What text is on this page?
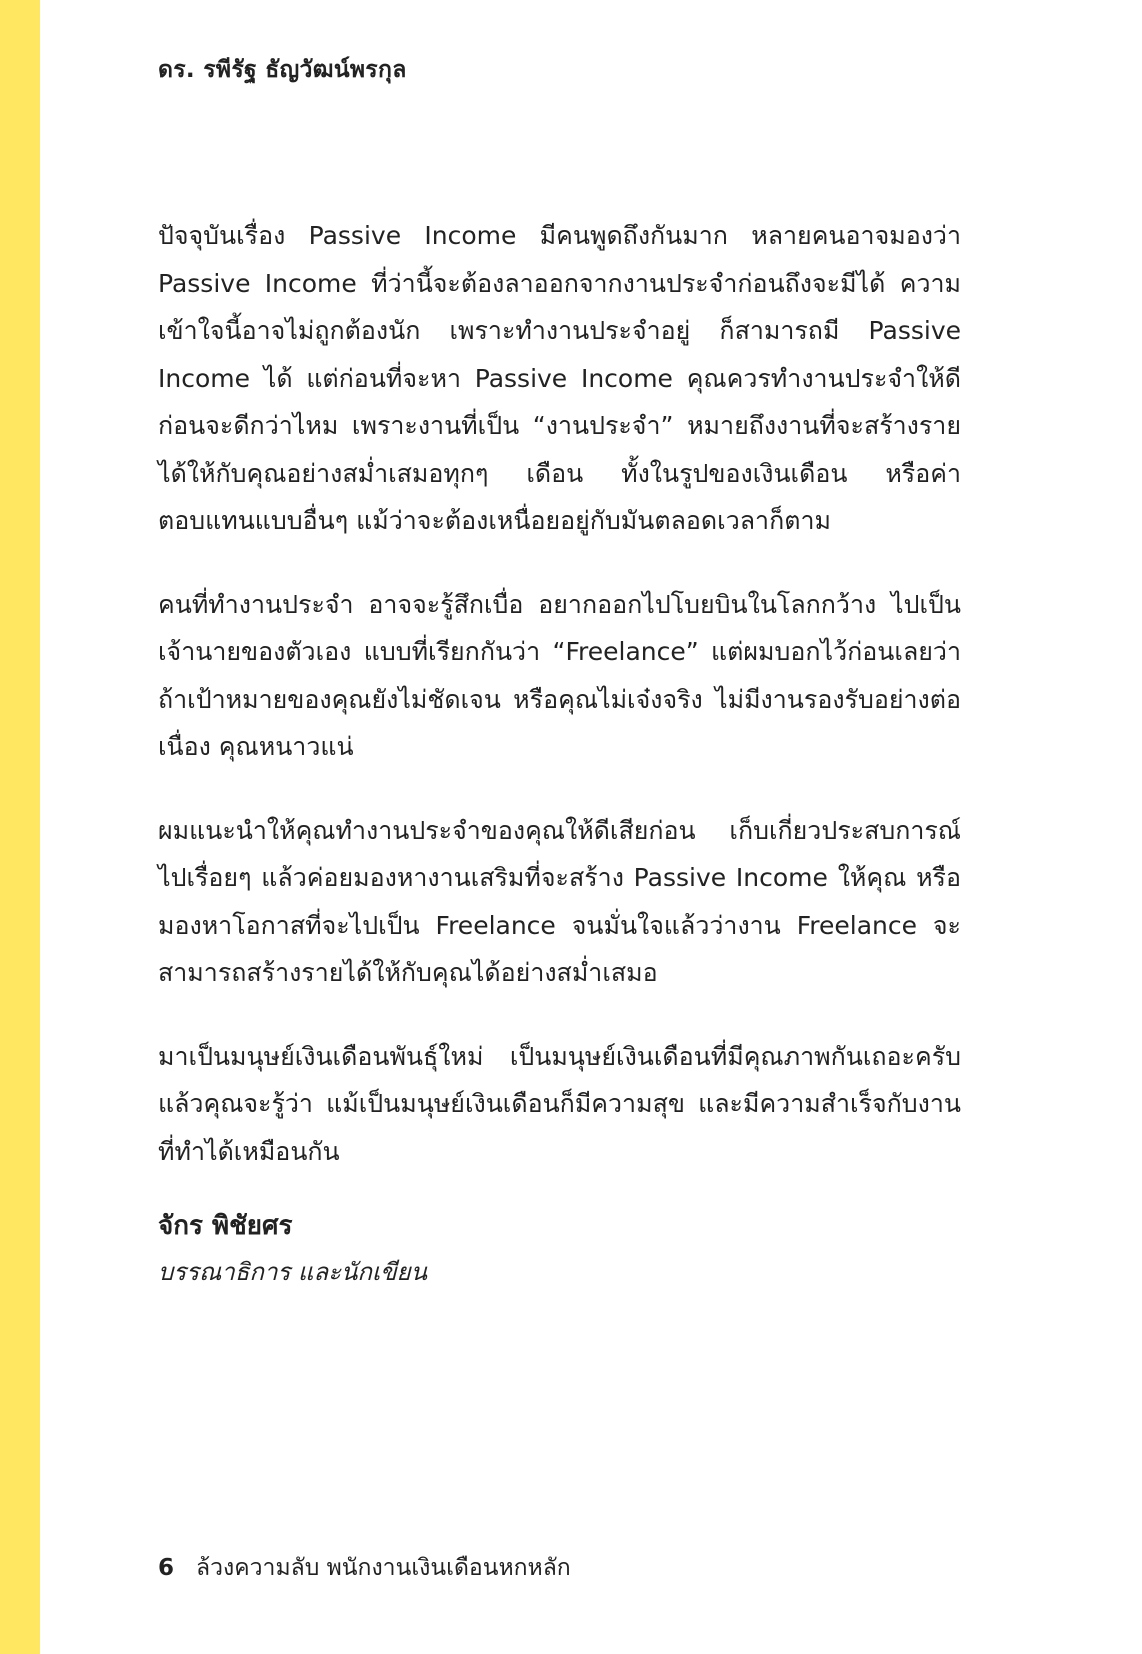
ดร. รพีรัฐ ธัญวัฒน์พรกุล

ปัจจุบันเรื่อง Passive Income มีคนพูดถึงกันมาก หลายคนอาจมองว่า Passive Income ที่ว่านี้จะต้องลาออกจากงานประจำก่อนถึงจะมีได้ ความเข้าใจนี้อาจไม่ถูกต้องนัก เพราะทำงานประจำอยู่ ก็สามารถมี Passive Income ได้ แต่ก่อนที่จะหา Passive Income คุณควรทำงานประจำให้ดีก่อนจะดีกว่าไหม เพราะงานที่เป็น “งานประจำ” หมายถึงงานที่จะสร้างรายได้ให้กับคุณอย่างสม่ำเสมอทุกๆ เดือน ทั้งในรูปของเงินเดือน หรือค่าตอบแทนแบบอื่นๆ แม้ว่าจะต้องเหนื่อยอยู่กับมันตลอดเวลาก็ตาม

คนที่ทำงานประจำ อาจจะรู้สึกเบื่อ อยากออกไปโบยบินในโลกกว้าง ไปเป็นเจ้านายของตัวเอง แบบที่เรียกกันว่า “Freelance” แต่ผมบอกไว้ก่อนเลยว่า ถ้าเป้าหมายของคุณยังไม่ชัดเจน หรือคุณไม่เจ๋งจริง ไม่มีงานรองรับอย่างต่อเนื่อง คุณหนาวแน่

ผมแนะนำให้คุณทำงานประจำของคุณให้ดีเสียก่อน เก็บเกี่ยวประสบการณ์ไปเรื่อยๆ แล้วค่อยมองหางานเสริมที่จะสร้าง Passive Income ให้คุณ หรือมองหาโอกาสที่จะไปเป็น Freelance จนมั่นใจแล้วว่างาน Freelance จะสามารถสร้างรายได้ให้กับคุณได้อย่างสม่ำเสมอ

มาเป็นมนุษย์เงินเดือนพันธุ์ใหม่ เป็นมนุษย์เงินเดือนที่มีคุณภาพกันเถอะครับ แล้วคุณจะรู้ว่า แม้เป็นมนุษย์เงินเดือนก็มีความสุข และมีความสำเร็จกับงานที่ทำได้เหมือนกัน

จักร พิชัยศร
บรรณาธิการ และนักเขียน
6 ล้วงความลับ พนักงานเงินเดือนหกหลัก
